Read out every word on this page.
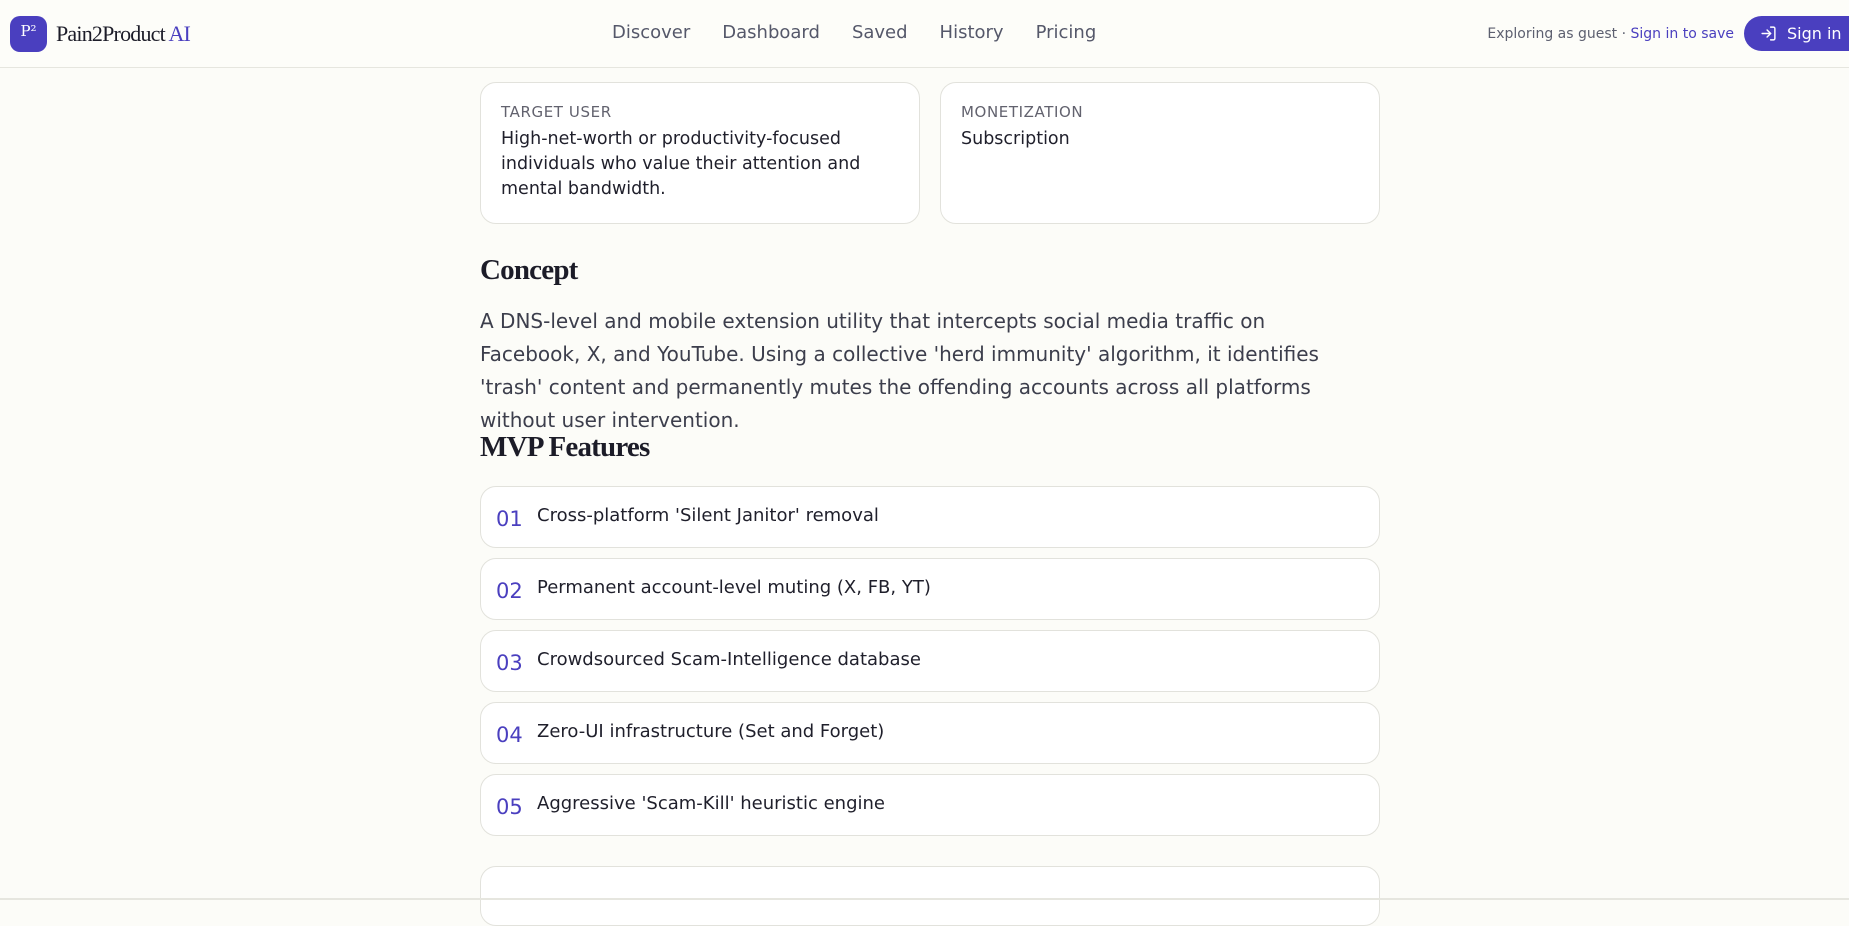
P² Pain2Product AI	Discover Dashboard Saved History Pricing	Exploring as guest · Sign in to save	Sign in
TARGET USER
High-net-worth or productivity-focused individuals who value their attention and mental bandwidth.
MONETIZATION
Subscription
Concept

A DNS-level and mobile extension utility that intercepts social media traffic on Facebook, X, and YouTube. Using a collective 'herd immunity' algorithm, it identifies 'trash' content and permanently mutes the offending accounts across all platforms without user intervention.

MVP Features
01 Cross-platform 'Silent Janitor' removal
02 Permanent account-level muting (X, FB, YT)
03 Crowdsourced Scam-Intelligence database
04 Zero-UI infrastructure (Set and Forget)
05 Aggressive 'Scam-Kill' heuristic engine
